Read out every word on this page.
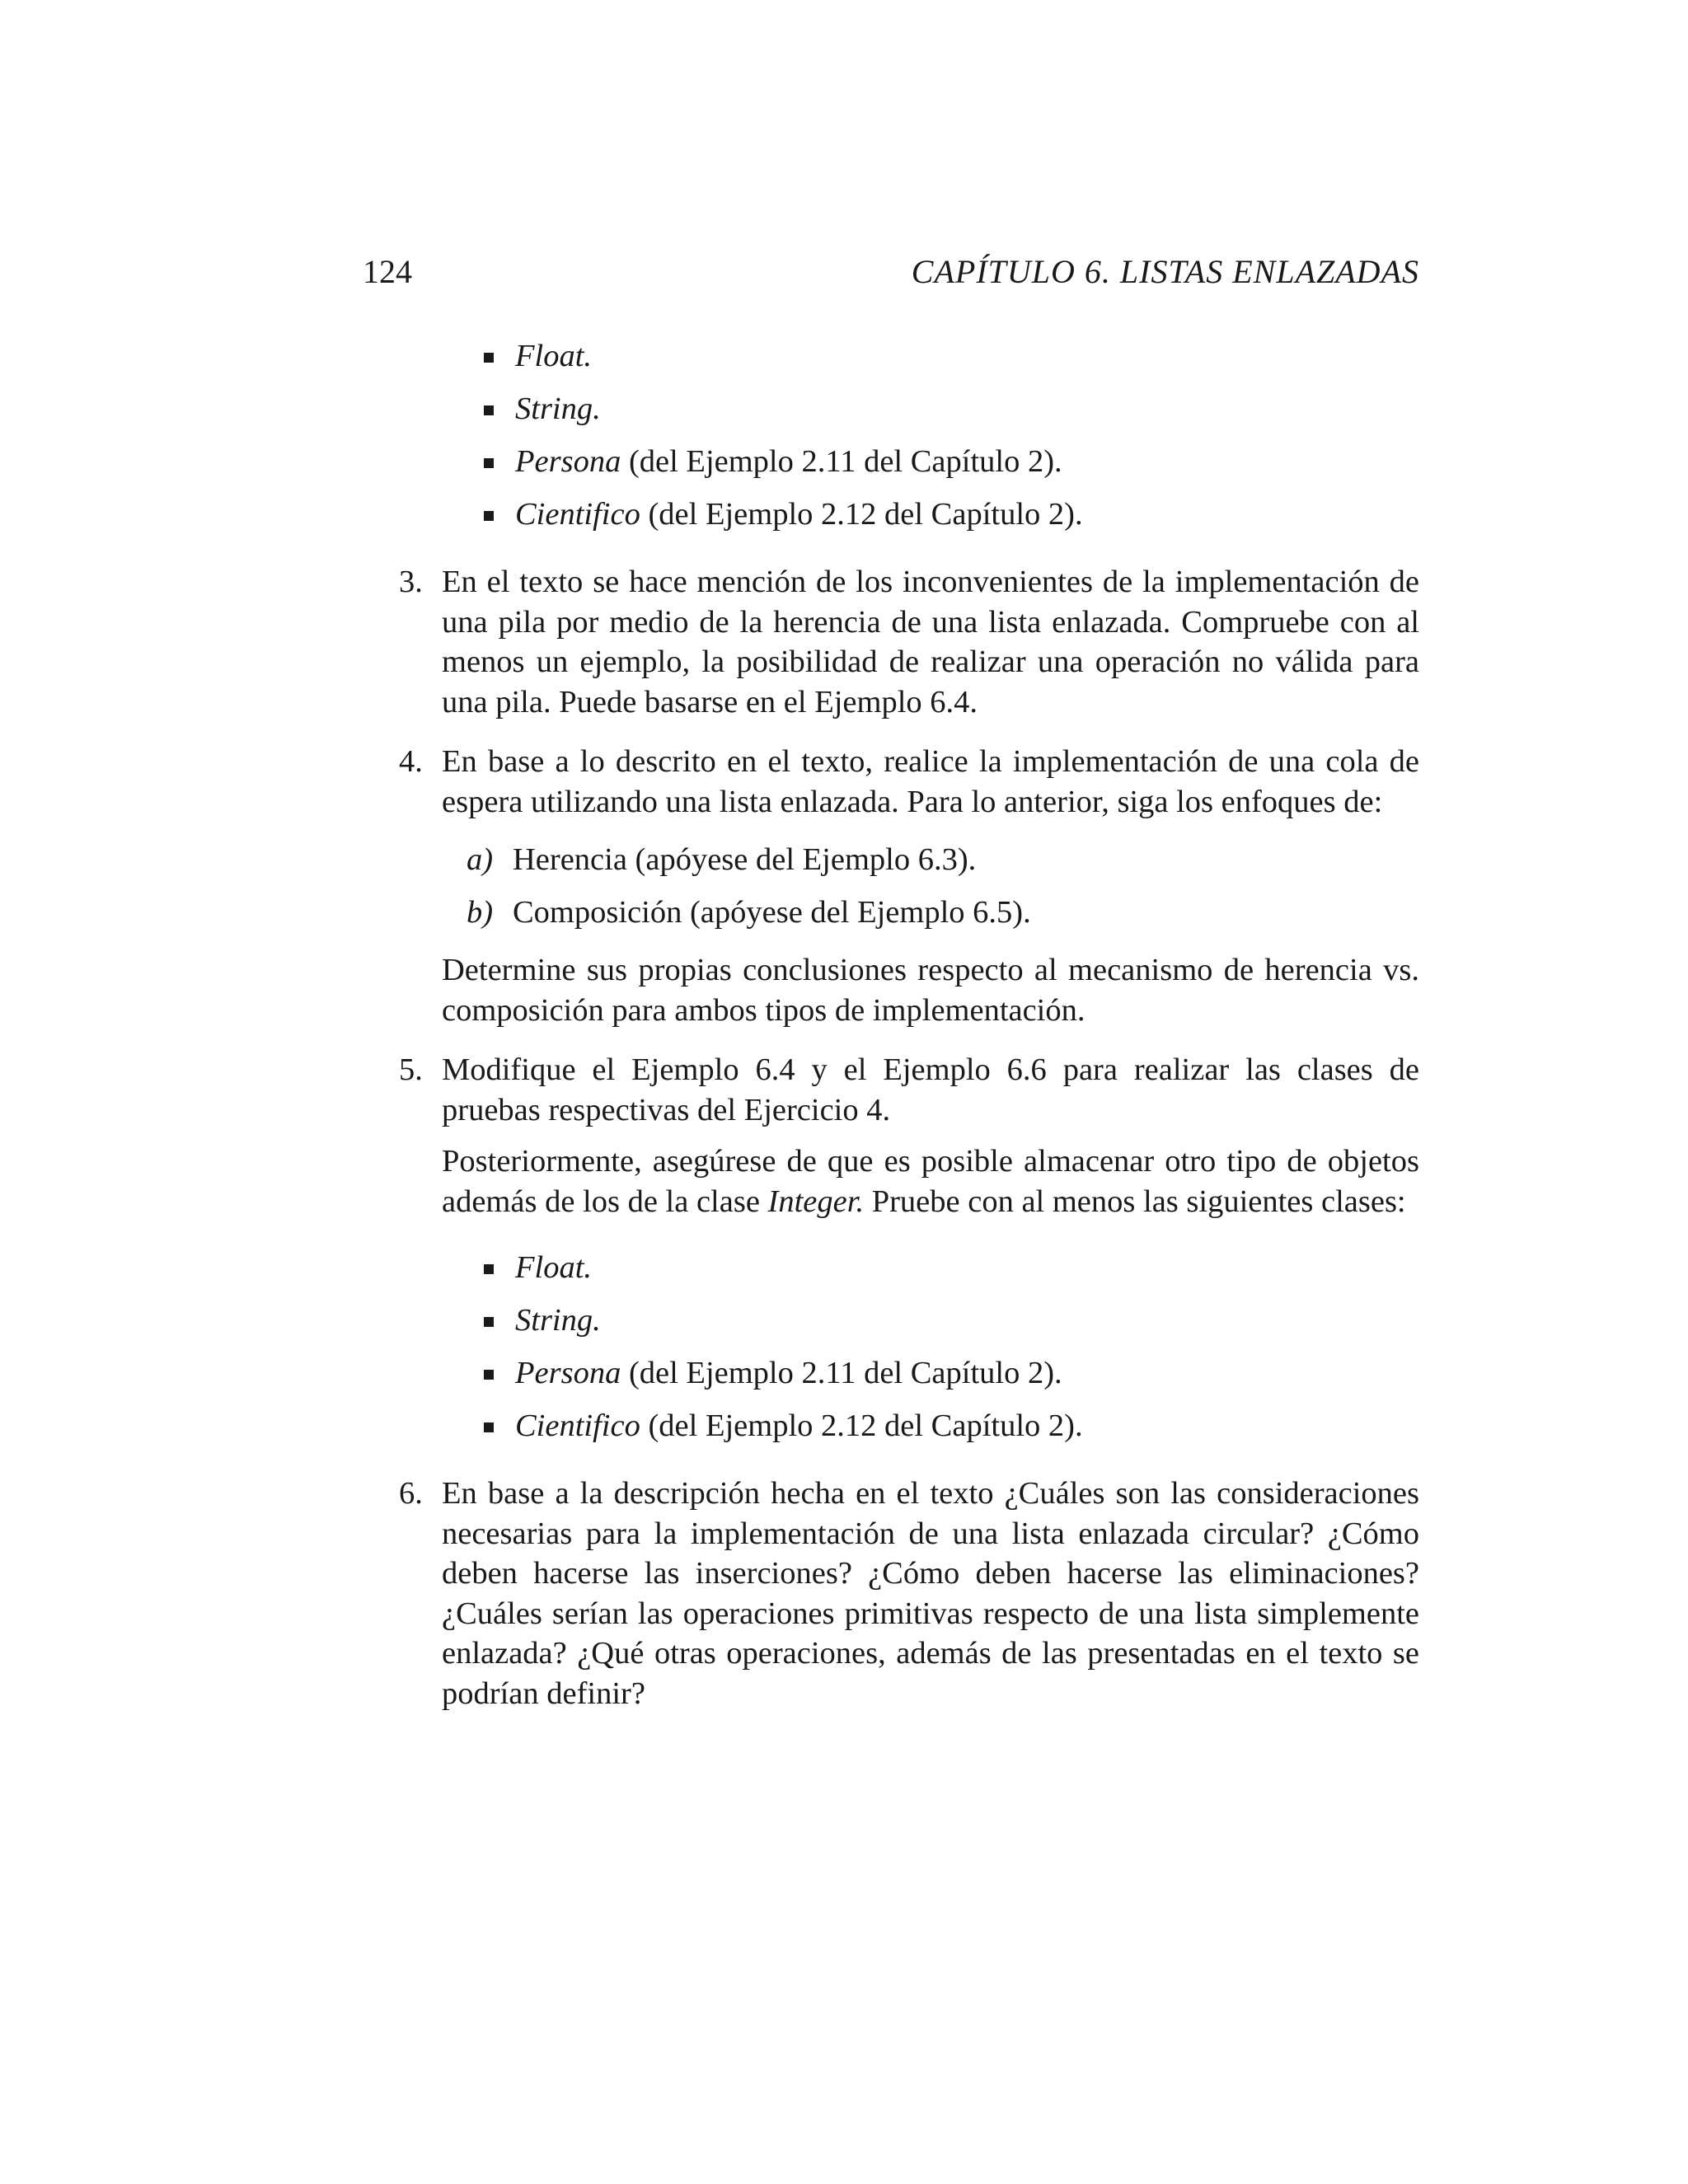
124	CAPÍTULO 6. LISTAS ENLAZADAS
Float.
String.
Persona (del Ejemplo 2.11 del Capítulo 2).
Cientifico (del Ejemplo 2.12 del Capítulo 2).
3. En el texto se hace mención de los inconvenientes de la implementación de una pila por medio de la herencia de una lista enlazada. Compruebe con al menos un ejemplo, la posibilidad de realizar una operación no válida para una pila. Puede basarse en el Ejemplo 6.4.

4. En base a lo descrito en el texto, realice la implementación de una cola de espera utilizando una lista enlazada. Para lo anterior, siga los enfoques de:

a) Herencia (apóyese del Ejemplo 6.3).
b) Composición (apóyese del Ejemplo 6.5).

Determine sus propias conclusiones respecto al mecanismo de herencia vs. composición para ambos tipos de implementación.

5. Modifique el Ejemplo 6.4 y el Ejemplo 6.6 para realizar las clases de pruebas respectivas del Ejercicio 4.

Posteriormente, asegúrese de que es posible almacenar otro tipo de objetos además de los de la clase Integer. Pruebe con al menos las siguientes clases:

Float.
String.
Persona (del Ejemplo 2.11 del Capítulo 2).
Cientifico (del Ejemplo 2.12 del Capítulo 2).
6. En base a la descripción hecha en el texto ¿Cuáles son las consideraciones necesarias para la implementación de una lista enlazada circular? ¿Cómo deben hacerse las inserciones? ¿Cómo deben hacerse las eliminaciones? ¿Cuáles serían las operaciones primitivas respecto de una lista simplemente enlazada? ¿Qué otras operaciones, además de las presentadas en el texto se podrían definir?
